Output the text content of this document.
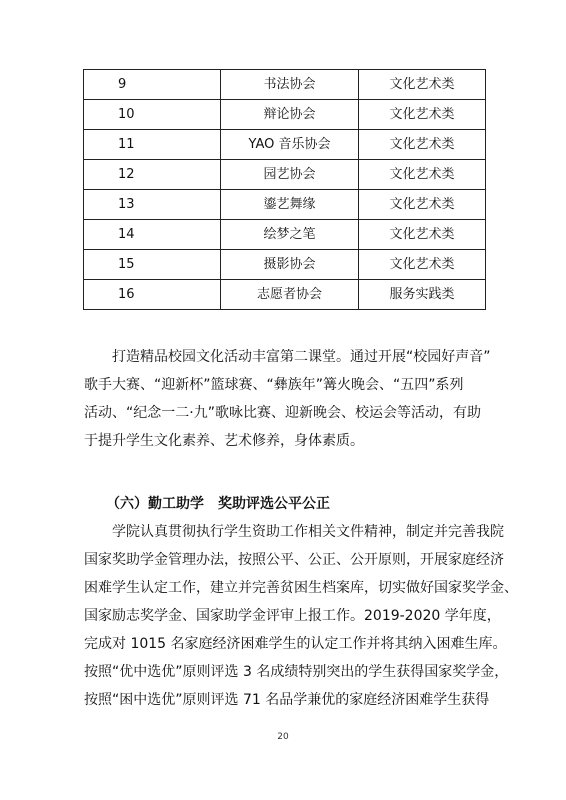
9	书法协会	文化艺术类
10	辩论协会	文化艺术类
11	YAO 音乐协会	文化艺术类
12	园艺协会	文化艺术类
13	鎏艺舞缘	文化艺术类
14	绘梦之笔	文化艺术类
15	摄影协会	文化艺术类
16	志愿者协会	服务实践类
打造精品校园文化活动丰富第二课堂。通过开展“校园好声音”
歌手大赛、“迎新杯”篮球赛、“彝族年”篝火晚会、“五四”系列
活动、“纪念一二·九”歌咏比赛、迎新晚会、校运会等活动，有助
于提升学生文化素养、艺术修养，身体素质。

（六）勤工助学　奖助评选公平公正

学院认真贯彻执行学生资助工作相关文件精神，制定并完善我院
国家奖助学金管理办法，按照公平、公正、公开原则，开展家庭经济
困难学生认定工作，建立并完善贫困生档案库，切实做好国家奖学金、
国家励志奖学金、国家助学金评审上报工作。2019-2020 学年度，
完成对 1015 名家庭经济困难学生的认定工作并将其纳入困难生库。
按照“优中选优”原则评选 3 名成绩特别突出的学生获得国家奖学金，
按照“困中选优”原则评选 71 名品学兼优的家庭经济困难学生获得
20
